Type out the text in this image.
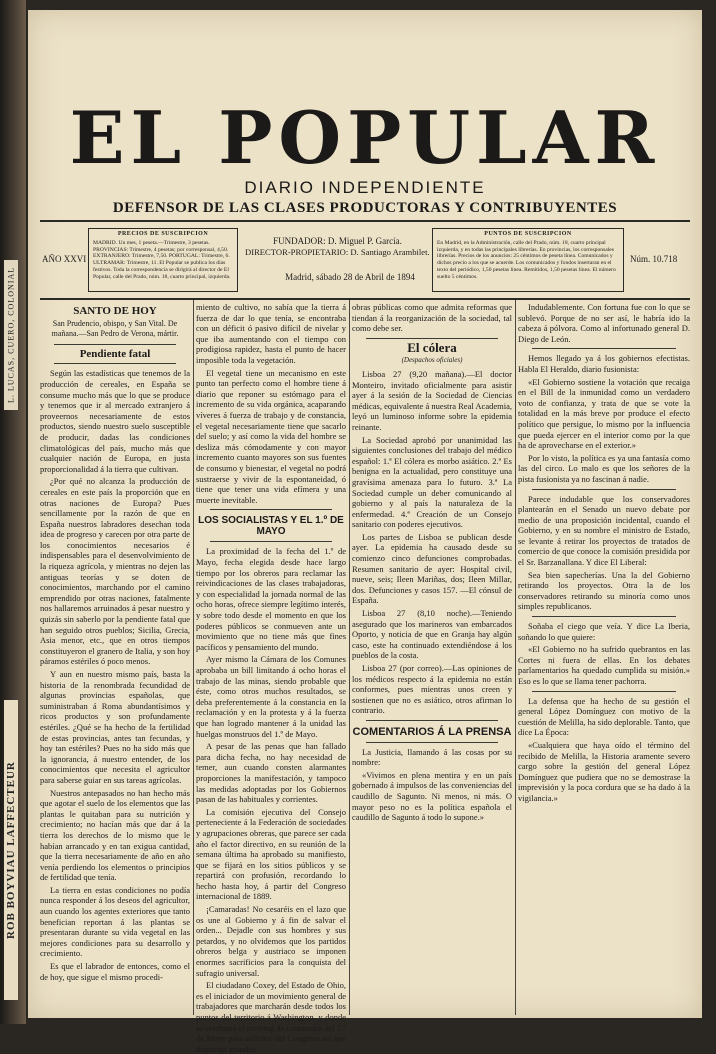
L. LUCAS, CUERO, COLONIAL
ROB BOYVIAU LAFFECTEUR
EL POPULAR
DIARIO INDEPENDIENTE
DEFENSOR DE LAS CLASES PRODUCTORAS Y CONTRIBUYENTES
AÑO XXVI
PRECIOS DE SUSCRIPCION
MADRID. Un mes, 1 peseta.—Trimestre, 3 pesetas. PROVINCIAS: Trimestre, 4 pesetas; por corresponsal, 4,50. EXTRANJERO: Trimestre, 7,50. PORTUGAL: Trimestre, 6. ULTRAMAR: Trimestre, 11. El Popular se publica los días festivos. Toda la correspondencia se dirigirá al director de El Popular, calle del Prado, núm. 18, cuarto principal, izquierda.
FUNDADOR: D. Miguel P. García.
DIRECTOR-PROPIETARIO: D. Santiago Arambilet.
Madrid, sábado 28 de Abril de 1894
PUNTOS DE SUSCRIPCION
En Madrid, en la Administración, calle del Prado, núm. 18, cuarto principal izquierda, y en todas las principales librerías. En provincias, los corresponsales librerías. Precios de los anuncios: 25 céntimos de peseta línea. Comunicados y dichos precio a los que se acuerde. Los comunicados y fondos insertaran en el texto del periódico, 1,50 pesetas línea. Remitidos, 1,50 pesetas línea. El número suelto 5 céntimos.
Núm. 10.718
SANTO DE HOY

San Prudencio, obispo, y San Vital. De mañana.—San Pedro de Verona, mártir.

Pendiente fatal

Según las estadísticas que tenemos de la producción de cereales, en España se consume mucho más que lo que se produce y tenemos que ir al mercado extranjero á proveernos necesariamente de estos productos, siendo nuestro suelo susceptible de producir, dadas las condiciones climatológicas del país, mucho más que cualquier nación de Europa, en justa proporcionalidad á la tierra que cultivan.

¿Por qué no alcanza la producción de cereales en este país la proporción que en otras naciones de Europa? Pues sencillamente por la razón de que en España nuestros labradores desechan toda idea de progreso y carecen por otra parte de los conocimientos necesarios é indispensables para el desenvolvimiento de la riqueza agrícola, y mientras no dejen las antiguas teorías y se doten de conocimientos, marchando por el camino emprendido por otras naciones, fatalmente nos hallaremos arruinados á pesar nuestro y quizás sin saberlo por la pendiente fatal que han seguido otros pueblos; Sicilia, Grecia, Asia menor, etc., que en otros tiempos constituyeron el granero de Italia, y son hoy páramos estériles ó poco menos.

Y aun en nuestro mismo país, basta la historia de la renombrada fecundidad de algunas provincias españolas, que suministraban á Roma abundantísimos y ricos productos y son profundamente estériles. ¿Qué se ha hecho de la fertilidad de estas provincias, antes tan fecundas, y hoy tan estériles? Pues no ha sido más que la ignorancia, á nuestro entender, de los conocimientos que necesita el agricultor para saberse guiar en sus tareas agrícolas.

Nuestros antepasados no han hecho más que agotar el suelo de los elementos que las plantas le quitaban para su nutrición y crecimiento; no hacían más que dar á la tierra los derechos de lo mismo que le habían arrancado y en tan exigua cantidad, que la tierra necesariamente de año en año venía perdiendo los elementos o principios de fertilidad que tenía.

La tierra en estas condiciones no podía nunca responder á los deseos del agricultor, aun cuando los agentes exteriores que tanto benefician reportan á las plantas se presentaran durante su vida vegetal en las mejores condiciones para su desarrollo y crecimiento.

Es que el labrador de entonces, como el de hoy, que sigue el mismo procedi-

miento de cultivo, no sabía que la tierra á fuerza de dar lo que tenía, se encontraba con un déficit ó pasivo difícil de nivelar y que iba aumentando con el tiempo con prodigiosa rapidez, hasta el punto de hacer imposible toda la vegetación.

El vegetal tiene un mecanismo en este punto tan perfecto como el hombre tiene á diario que reponer su estómago para el incremento de su vida orgánica, acaparando víveres á fuerza de trabajo y de constancia, el vegetal necesariamente tiene que sacarlo del suelo; y así como la vida del hombre se desliza más cómodamente y con mayor incremento cuanto mayores son sus fuentes de consumo y bienestar, el vegetal no podrá sustraerse y vivir de la espontaneidad, ó tiene que tener una vida efímera y una muerte inevitable.

LOS SOCIALISTAS Y EL 1.º DE MAYO

La proximidad de la fecha del 1.º de Mayo, fecha elegida desde hace largo tiempo por los obreros para reclamar las reivindicaciones de las clases trabajadoras, y con especialidad la jornada normal de las ocho horas, ofrece siempre legítimo interés, y sobre todo desde el momento en que los poderes públicos se conmueven ante un movimiento que no tiene más que fines pacíficos y pensamiento del mundo.

Ayer mismo la Cámara de los Comunes aprobaba un bill limitando á ocho horas el trabajo de las minas, siendo probable que éste, como otros muchos resultados, se deba preferentemente á la constancia en la reclamación y en la protesta y á la fuerza que han logrado mantener á la unidad las huelgas monstruos del 1.º de Mayo.

A pesar de las penas que han fallado para dicha fecha, no hay necesidad de temer, aun cuando consten alarmantes proporciones la manifestación, y tampoco las medidas adoptadas por los Gobiernos pasan de las habituales y corrientes.

La comisión ejecutiva del Consejo perteneciente á la Federación de sociedades y agrupaciones obreras, que parece ser cada año el factor directivo, en su reunión de la semana última ha aprobado su manifiesto, que se fijará en los sitios públicos y se repartirá con profusión, recordando lo hecho hasta hoy, á partir del Congreso internacional de 1889.

¡Camaradas! No cesaréis en el lazo que os une al Gobierno y á fin de salvar el orden... Dejadle con sus hombres y sus petardos, y no olvidemos que los partidos obreros belga y austriaco se imponen enormes sacrificios para la conquista del sufragio universal.

El ciudadano Coxey, del Estado de Ohio, es el iniciador de un movimiento general de trabajadores que marcharán desde todos los puntos del territorio á Washington, y donde se celebrará el meeting de camaradas del 1.º de Mayo para solicitar del Congreso así que disponga grandes

obras públicas como que admita reformas que tiendan á la reorganización de la sociedad, tal como debe ser.

El cólera
(Despachos oficiales)

Lisboa 27 (9,20 mañana).—El doctor Monteiro, invitado oficialmente para asistir ayer á la sesión de la Sociedad de Ciencias médicas, equivalente á nuestra Real Academia, leyó un luminoso informe sobre la epidemia reinante.

La Sociedad aprobó por unanimidad las siguientes conclusiones del trabajo del médico español: 1.ª El cólera es morbo asiático. 2.ª Es benigna en la actualidad, pero constituye una gravísima amenaza para lo futuro. 3.ª La Sociedad cumple un deber comunicando al gobierno y al país la naturaleza de la enfermedad. 4.ª Creación de un Consejo sanitario con poderes ejecutivos.

Los partes de Lisboa se publican desde ayer. La epidemia ha causado desde su comienzo cinco defunciones comprobadas. Resumen sanitario de ayer: Hospital civil, nueve, seis; Ileen Mariñas, dos; Ileen Millar, dos. Defunciones y casos 157. —El cónsul de España.

Lisboa 27 (8,10 noche).—Teniendo asegurado que los marineros van embarcados Oporto, y noticia de que en Granja hay algún caso, este ha continuado extendiéndose á los pueblos de la costa.

Lisboa 27 (por correo).—Las opiniones de los médicos respecto á la epidemia no están conformes, pues mientras unos creen y sostienen que no es asiático, otros afirman lo contrario.

COMENTARIOS Á LA PRENSA

La Justicia, llamando á las cosas por su nombre:

«Vivimos en plena mentira y en un país gobernado á impulsos de las conveniencias del caudillo de Sagunto. Ni menos, ni más. O mayor peso no es la política española el caudillo de Sagunto á todo lo supone.»

Indudablemente. Con fortuna fue con lo que se sublevó. Porque de no ser así, le habría ido la cabeza á pólvora. Como al infortunado general D. Diego de León.

Hemos llegado ya á los gobiernos efectistas. Habla El Heraldo, diario fusionista:

«El Gobierno sostiene la votación que recaiga en el Bill de la inmunidad como un verdadero voto de confianza, y trata de que se vote la totalidad en la más breve por produce el efecto político que persigue, lo mismo por la influencia que pueda ejercer en el interior como por la que ha de aprovecharse en el exterior.»

Por lo visto, la política es ya una fantasía como las del circo. Lo malo es que los señores de la pista fusionista ya no fascinan á nadie.

Parece indudable que los conservadores plantearán en el Senado un nuevo debate por medio de una proposición incidental, cuando el Gobierno, y en su nombre el ministro de Estado, se levante á retirar los proyectos de tratados de comercio de que conoce la comisión presidida por el Sr. Barzanallana. Y dice El Liberal:

Sea bien sapecherías. Una la del Gobierno retirando los proyectos. Otra la de los conservadores retirando su minoría como unos simples republicanos.

Soñaba el ciego que veía. Y dice La Iberia, soñando lo que quiere:

«El Gobierno no ha sufrido quebrantos en las Cortes ni fuera de ellas. En los debates parlamentarios ha quedado cumplida su misión.» Eso es lo que se llama tener pachorra.

La defensa que ha hecho de su gestión el general López Domínguez con motivo de la cuestión de Melilla, ha sido deplorable. Tanto, que dice La Época:

«Cualquiera que haya oído el término del recibido de Melilla, la Historia aramente severo cargo sobre la gestión del general López Domínguez que pudiera que no se demostrase la imprevisión y la poca cordura que se ha dado á la vigilancia.»
